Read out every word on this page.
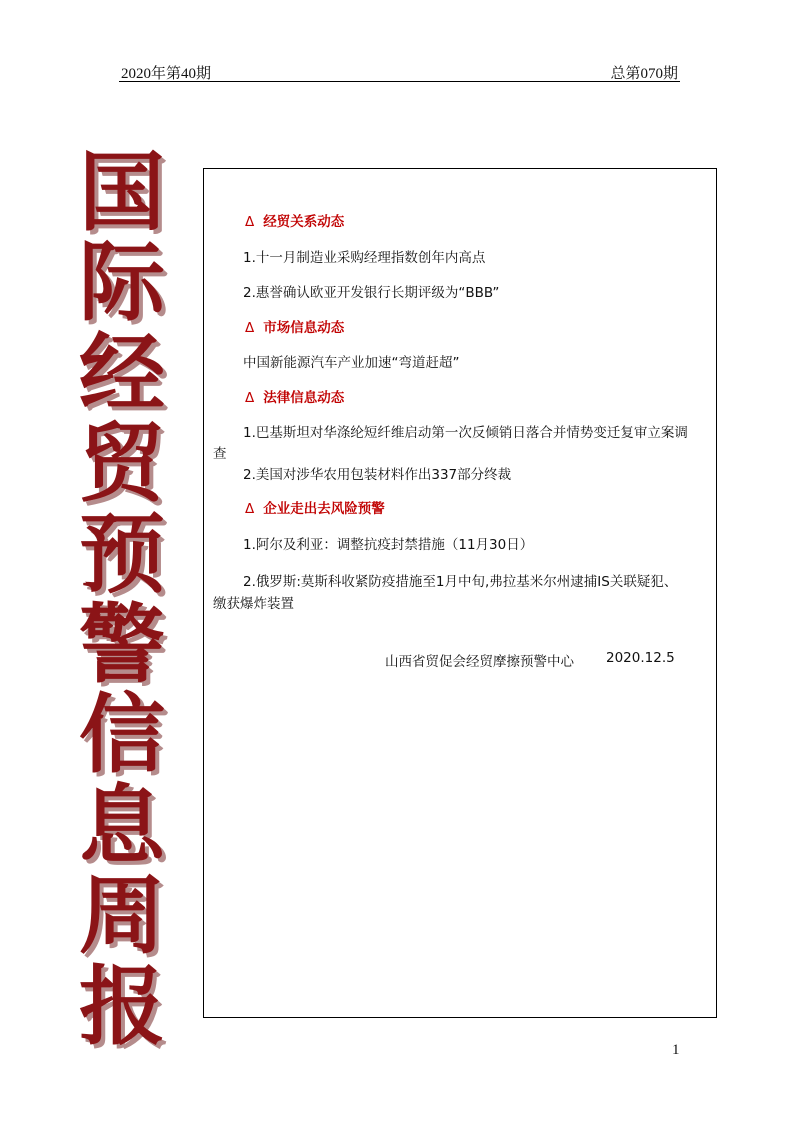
2020年第40期	总第070期
国
际
经
贸
预
警
信
息
周
报
Δ 经贸关系动态
1.十一月制造业采购经理指数创年内高点
2.惠誉确认欧亚开发银行长期评级为“BBB”
Δ 市场信息动态
中国新能源汽车产业加速“弯道赶超”
Δ 法律信息动态
1.巴基斯坦对华涤纶短纤维启动第一次反倾销日落合并情势变迁复审立案调
查
2.美国对涉华农用包装材料作出337部分终裁
Δ 企业走出去风险预警
1.阿尔及利亚：调整抗疫封禁措施（11月30日）
2.俄罗斯:莫斯科收紧防疫措施至1月中旬,弗拉基米尔州逮捕IS关联疑犯、
缴获爆炸装置
山西省贸促会经贸摩擦预警中心 2020.12.5
1
